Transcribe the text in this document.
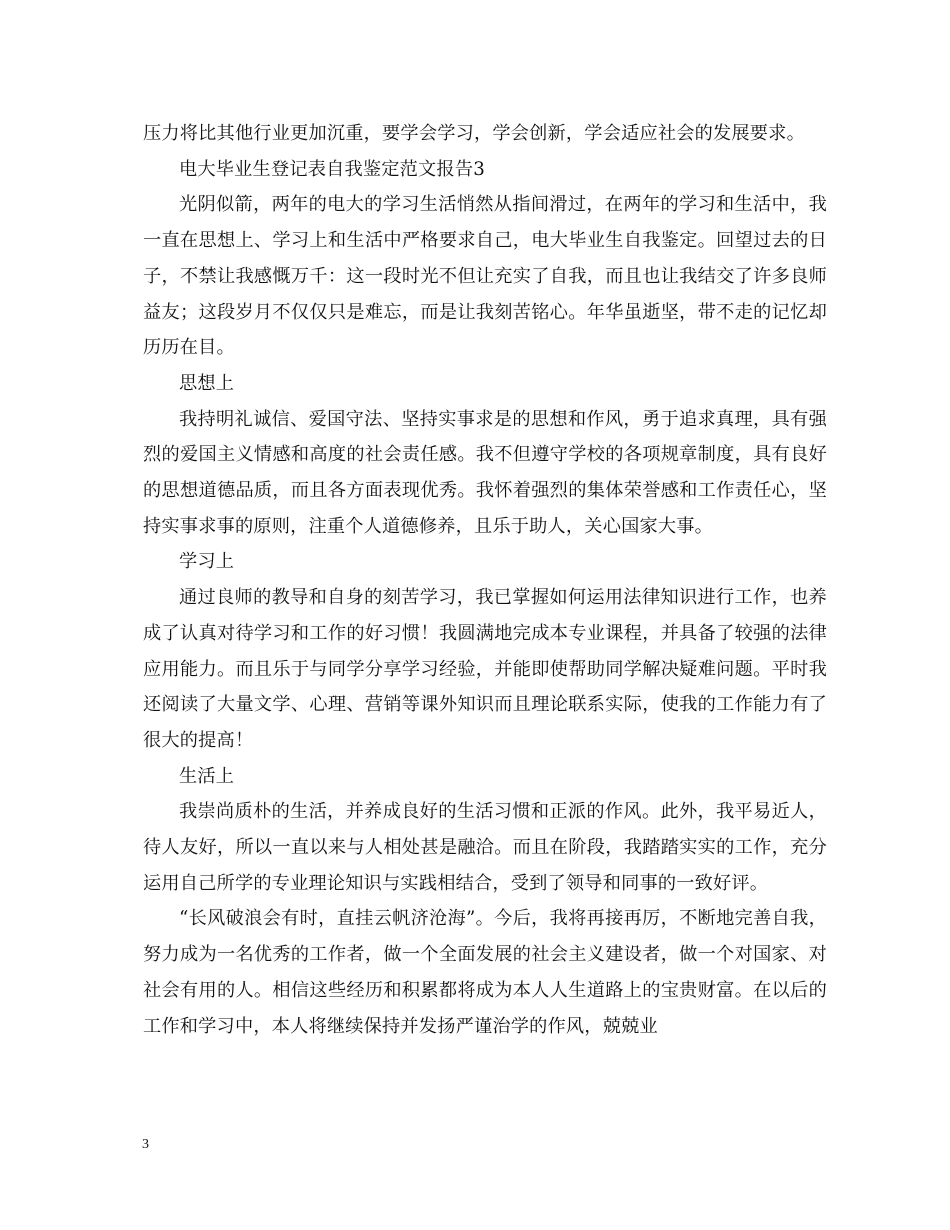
压力将比其他行业更加沉重，要学会学习，学会创新，学会适应社会的发展要求。

电大毕业生登记表自我鉴定范文报告3

光阴似箭，两年的电大的学习生活悄然从指间滑过，在两年的学习和生活中，我一直在思想上、学习上和生活中严格要求自己，电大毕业生自我鉴定。回望过去的日子，不禁让我感慨万千：这一段时光不但让充实了自我，而且也让我结交了许多良师益友；这段岁月不仅仅只是难忘，而是让我刻苦铭心。年华虽逝坚，带不走的记忆却历历在目。

思想上

我持明礼诚信、爱国守法、坚持实事求是的思想和作风，勇于追求真理，具有强烈的爱国主义情感和高度的社会责任感。我不但遵守学校的各项规章制度，具有良好的思想道德品质，而且各方面表现优秀。我怀着强烈的集体荣誉感和工作责任心，坚持实事求事的原则，注重个人道德修养，且乐于助人，关心国家大事。

学习上

通过良师的教导和自身的刻苦学习，我已掌握如何运用法律知识进行工作，也养成了认真对待学习和工作的好习惯！我圆满地完成本专业课程，并具备了较强的法律应用能力。而且乐于与同学分享学习经验，并能即使帮助同学解决疑难问题。平时我还阅读了大量文学、心理、营销等课外知识而且理论联系实际，使我的工作能力有了很大的提高！

生活上

我崇尚质朴的生活，并养成良好的生活习惯和正派的作风。此外，我平易近人，待人友好，所以一直以来与人相处甚是融洽。而且在阶段，我踏踏实实的工作，充分运用自己所学的专业理论知识与实践相结合，受到了领导和同事的一致好评。

“长风破浪会有时，直挂云帆济沧海”。今后，我将再接再厉，不断地完善自我，努力成为一名优秀的工作者，做一个全面发展的社会主义建设者，做一个对国家、对社会有用的人。相信这些经历和积累都将成为本人人生道路上的宝贵财富。在以后的工作和学习中，本人将继续保持并发扬严谨治学的作风，兢兢业

3
